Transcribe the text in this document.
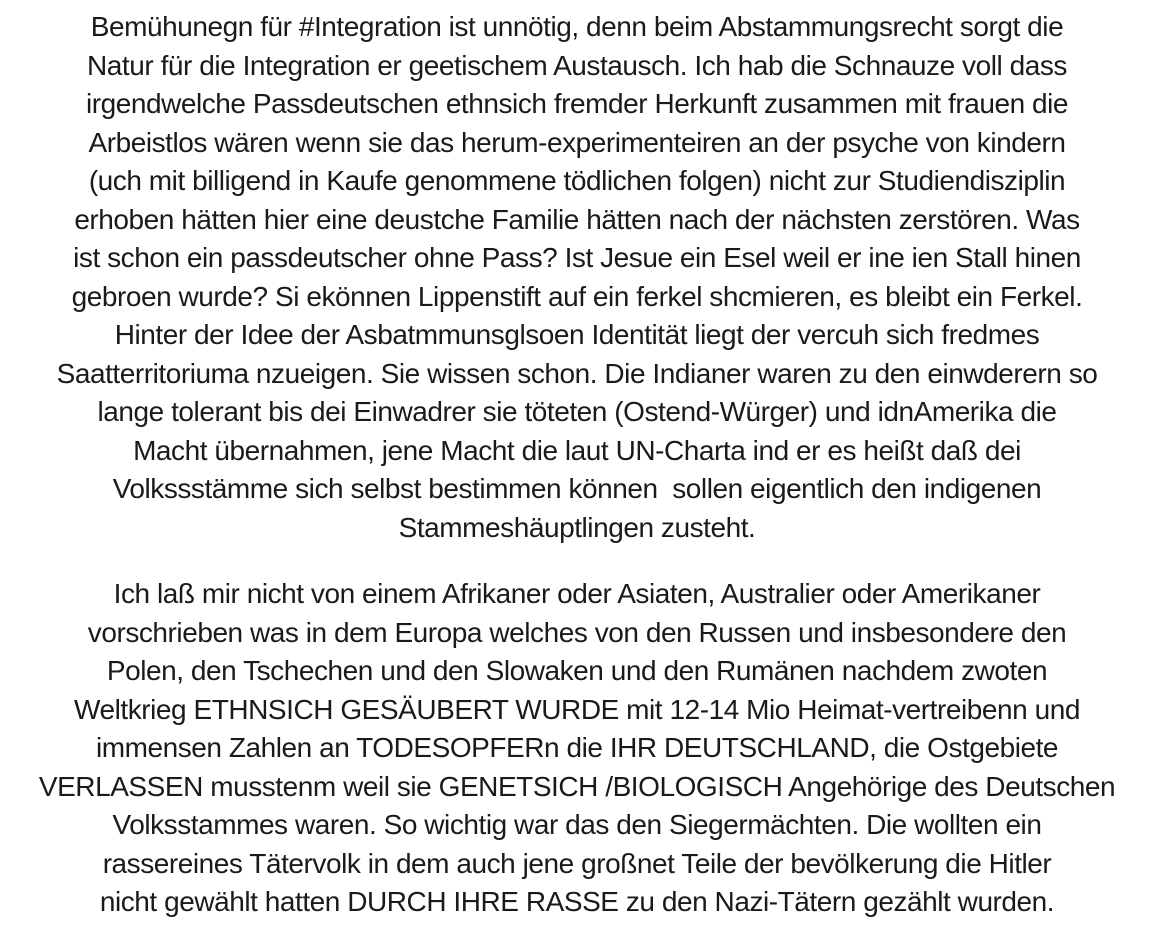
Bemühunegn für #Integration ist unnötig, denn beim Abstammungsrecht sorgt die
Natur für die Integration er geetischem Austausch. Ich hab die Schnauze voll dass
irgendwelche Passdeutschen ethnsich fremder Herkunft zusammen mit frauen die
Arbeistlos wären wenn sie das herum-experimenteiren an der psyche von kindern
(uch mit billigend in Kaufe genommene tödlichen folgen) nicht zur Studiendisziplin
erhoben hätten hier eine deustche Familie hätten nach der nächsten zerstören. Was
ist schon ein passdeutscher ohne Pass? Ist Jesue ein Esel weil er ine ien Stall hinen
gebroen wurde? Si ekönnen Lippenstift auf ein ferkel shcmieren, es bleibt ein Ferkel.
Hinter der Idee der Asbatmmunsglsoen Identität liegt der vercuh sich fredmes
Saatterritoriuma nzueigen. Sie wissen schon. Die Indianer waren zu den einwderern so
lange tolerant bis dei Einwadrer sie töteten (Ostend-Würger) und idnAmerika die
Macht übernahmen, jene Macht die laut UN-Charta ind er es heißt daß dei
Volkssstämme sich selbst bestimmen können  sollen eigentlich den indigenen
Stammeshäuptlingen zusteht.
Ich laß mir nicht von einem Afrikaner oder Asiaten, Australier oder Amerikaner
vorschrieben was in dem Europa welches von den Russen und insbesondere den
Polen, den Tschechen und den Slowaken und den Rumänen nachdem zwoten
Weltkrieg ETHNSICH GESÄUBERT WURDE mit 12-14 Mio Heimat-vertreibenn und
immensen Zahlen an TODESOPFERn die IHR DEUTSCHLAND, die Ostgebiete
VERLASSEN musstenm weil sie GENETSICH /BIOLOGISCH Angehörige des Deutschen
Volksstammes waren. So wichtig war das den Siegermächten. Die wollten ein
rassereines Tätervolk in dem auch jene großnet Teile der bevölkerung die Hitler
nicht gewählt hatten DURCH IHRE RASSE zu den Nazi-Tätern gezählt wurden.
